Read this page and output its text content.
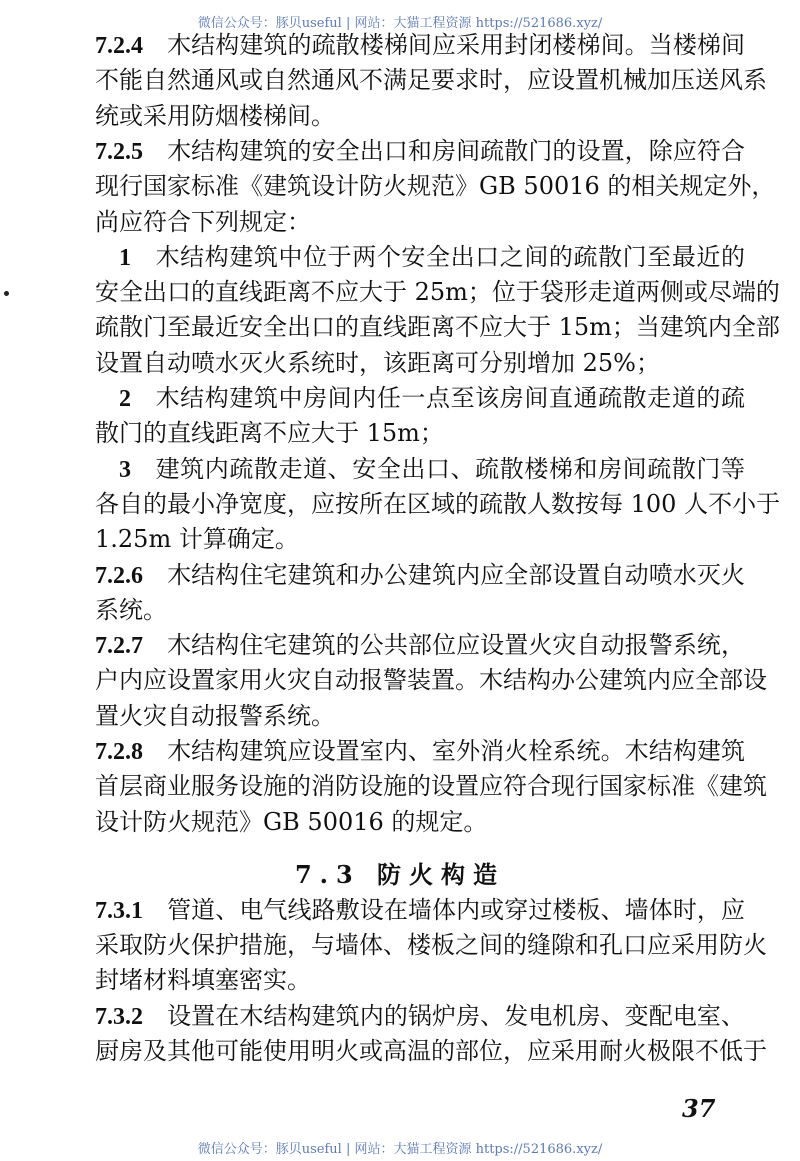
微信公众号：豚贝useful | 网站：大猫工程资源 https://521686.xyz/
7.2.4 木结构建筑的疏散楼梯间应采用封闭楼梯间。当楼梯间
不能自然通风或自然通风不满足要求时，应设置机械加压送风系
统或采用防烟楼梯间。
7.2.5 木结构建筑的安全出口和房间疏散门的设置，除应符合
现行国家标准《建筑设计防火规范》GB 50016 的相关规定外，
尚应符合下列规定：
1 木结构建筑中位于两个安全出口之间的疏散门至最近的
安全出口的直线距离不应大于 25m；位于袋形走道两侧或尽端的
疏散门至最近安全出口的直线距离不应大于 15m；当建筑内全部
设置自动喷水灭火系统时，该距离可分别增加 25%；
2 木结构建筑中房间内任一点至该房间直通疏散走道的疏
散门的直线距离不应大于 15m；
3 建筑内疏散走道、安全出口、疏散楼梯和房间疏散门等
各自的最小净宽度，应按所在区域的疏散人数按每 100 人不小于
1.25m 计算确定。
7.2.6 木结构住宅建筑和办公建筑内应全部设置自动喷水灭火
系统。
7.2.7 木结构住宅建筑的公共部位应设置火灾自动报警系统，
户内应设置家用火灾自动报警装置。木结构办公建筑内应全部设
置火灾自动报警系统。
7.2.8 木结构建筑应设置室内、室外消火栓系统。木结构建筑
首层商业服务设施的消防设施的设置应符合现行国家标准《建筑
设计防火规范》GB 50016 的规定。
7.3.1 管道、电气线路敷设在墙体内或穿过楼板、墙体时，应
采取防火保护措施，与墙体、楼板之间的缝隙和孔口应采用防火
封堵材料填塞密实。
7.3.2 设置在木结构建筑内的锅炉房、发电机房、变配电室、
厨房及其他可能使用明火或高温的部位，应采用耐火极限不低于
7.3 防火构造
37
微信公众号：豚贝useful | 网站：大猫工程资源 https://521686.xyz/
